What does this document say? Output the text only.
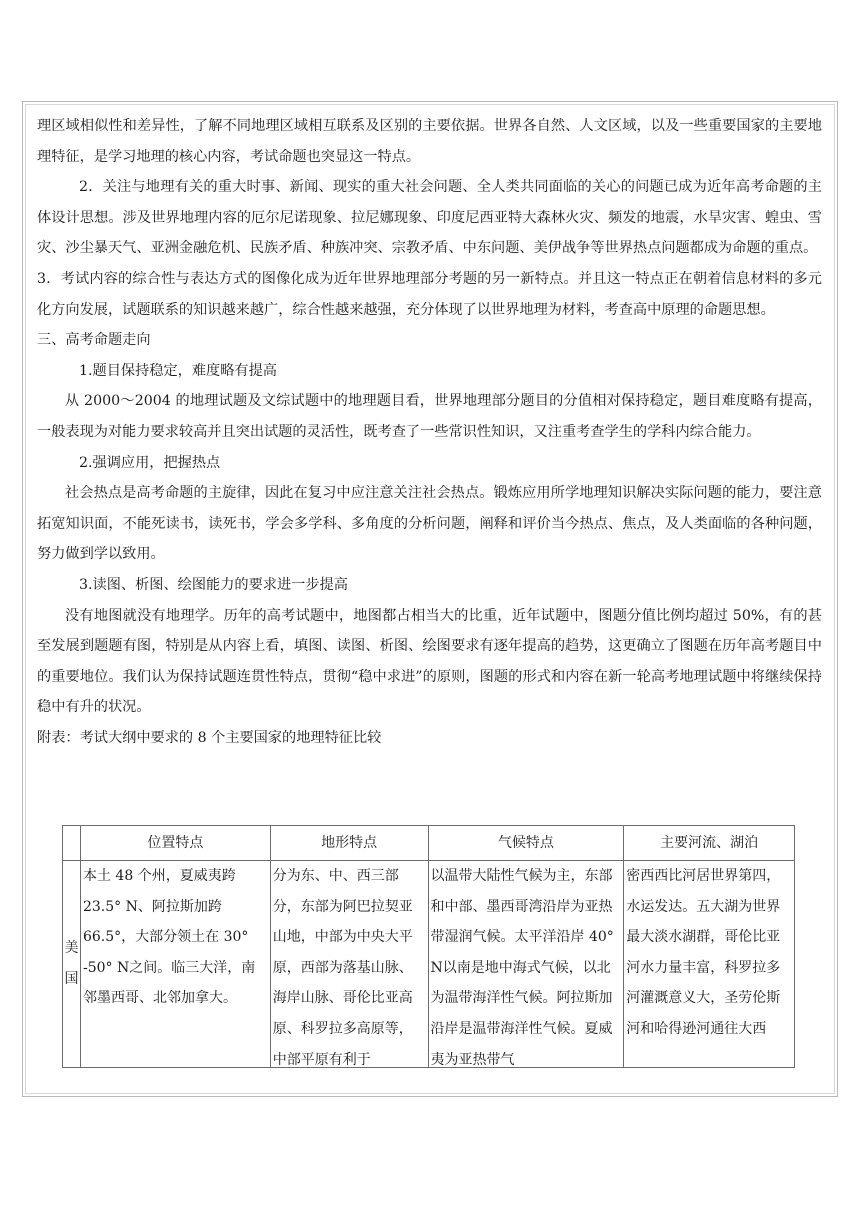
理区域相似性和差异性，了解不同地理区域相互联系及区别的主要依据。世界各自然、人文区域，以及一些重要国家的主要地理特征，是学习地理的核心内容，考试命题也突显这一特点。

2．关注与地理有关的重大时事、新闻、现实的重大社会问题、全人类共同面临的关心的问题已成为近年高考命题的主体设计思想。涉及世界地理内容的厄尔尼诺现象、拉尼娜现象、印度尼西亚特大森林火灾、频发的地震，水旱灾害、蝗虫、雪灾、沙尘暴天气、亚洲金融危机、民族矛盾、种族冲突、宗教矛盾、中东问题、美伊战争等世界热点问题都成为命题的重点。

3．考试内容的综合性与表达方式的图像化成为近年世界地理部分考题的另一新特点。并且这一特点正在朝着信息材料的多元化方向发展，试题联系的知识越来越广，综合性越来越强，充分体现了以世界地理为材料，考查高中原理的命题思想。

三、高考命题走向

1.题目保持稳定，难度略有提高

从 2000～2004 的地理试题及文综试题中的地理题目看，世界地理部分题目的分值相对保持稳定，题目难度略有提高，一般表现为对能力要求较高并且突出试题的灵活性，既考查了一些常识性知识，又注重考查学生的学科内综合能力。

2.强调应用，把握热点

社会热点是高考命题的主旋律，因此在复习中应注意关注社会热点。锻炼应用所学地理知识解决实际问题的能力，要注意拓宽知识面，不能死读书，读死书，学会多学科、多角度的分析问题，阐释和评价当今热点、焦点，及人类面临的各种问题，努力做到学以致用。

3.读图、析图、绘图能力的要求进一步提高

没有地图就没有地理学。历年的高考试题中，地图都占相当大的比重，近年试题中，图题分值比例均超过 50%，有的甚至发展到题题有图，特别是从内容上看，填图、读图、析图、绘图要求有逐年提高的趋势，这更确立了图题在历年高考题目中的重要地位。我们认为保持试题连贯性特点，贯彻“稳中求进”的原则，图题的形式和内容在新一轮高考地理试题中将继续保持稳中有升的状况。

附表：考试大纲中要求的 8 个主要国家的地理特征比较

	位置特点	地形特点	气候特点	主要河流、湖泊
美国	本土 48 个州，夏威夷跨 23.5° N、阿拉斯加跨 66.5°，大部分领土在 30° -50° N之间。临三大洋，南邻墨西哥、北邻加拿大。	分为东、中、西三部分，东部为阿巴拉契亚山地，中部为中央大平原，西部为落基山脉、海岸山脉、哥伦比亚高原、科罗拉多高原等，中部平原有利于	以温带大陆性气候为主，东部和中部、墨西哥湾沿岸为亚热带湿润气候。太平洋沿岸 40° N以南是地中海式气候，以北为温带海洋性气候。阿拉斯加沿岸是温带海洋性气候。夏威夷为亚热带气	密西西比河居世界第四，水运发达。五大湖为世界最大淡水湖群，哥伦比亚河水力量丰富，科罗拉多河灌溉意义大，圣劳伦斯河和哈得逊河通往大西
